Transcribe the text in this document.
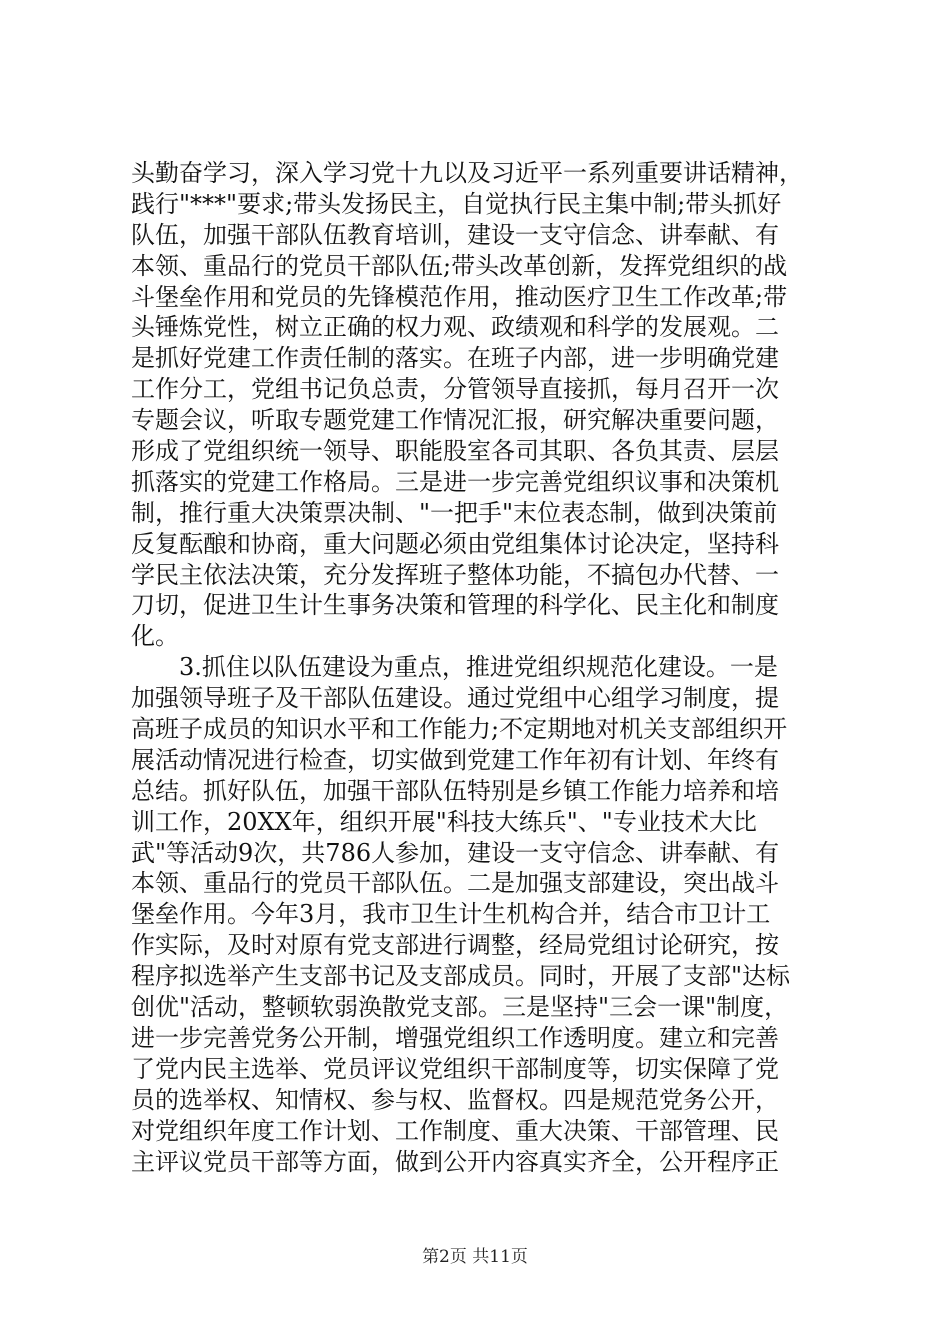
头勤奋学习，深入学习党十九以及习近平一系列重要讲话精神，
践行"***"要求;带头发扬民主，自觉执行民主集中制;带头抓好
队伍，加强干部队伍教育培训，建设一支守信念、讲奉献、有
本领、重品行的党员干部队伍;带头改革创新，发挥党组织的战
斗堡垒作用和党员的先锋模范作用，推动医疗卫生工作改革;带
头锤炼党性，树立正确的权力观、政绩观和科学的发展观。二
是抓好党建工作责任制的落实。在班子内部，进一步明确党建
工作分工，党组书记负总责，分管领导直接抓，每月召开一次
专题会议，听取专题党建工作情况汇报，研究解决重要问题，
形成了党组织统一领导、职能股室各司其职、各负其责、层层
抓落实的党建工作格局。三是进一步完善党组织议事和决策机
制，推行重大决策票决制、"一把手"末位表态制，做到决策前
反复酝酿和协商，重大问题必须由党组集体讨论决定，坚持科
学民主依法决策，充分发挥班子整体功能，不搞包办代替、一
刀切，促进卫生计生事务决策和管理的科学化、民主化和制度
化。
　　3.抓住以队伍建设为重点，推进党组织规范化建设。一是
加强领导班子及干部队伍建设。通过党组中心组学习制度，提
高班子成员的知识水平和工作能力;不定期地对机关支部组织开
展活动情况进行检查，切实做到党建工作年初有计划、年终有
总结。抓好队伍，加强干部队伍特别是乡镇工作能力培养和培
训工作，20XX年，组织开展"科技大练兵"、"专业技术大比
武"等活动9次，共786人参加，建设一支守信念、讲奉献、有
本领、重品行的党员干部队伍。二是加强支部建设，突出战斗
堡垒作用。今年3月，我市卫生计生机构合并，结合市卫计工
作实际，及时对原有党支部进行调整，经局党组讨论研究，按
程序拟选举产生支部书记及支部成员。同时，开展了支部"达标
创优"活动，整顿软弱涣散党支部。三是坚持"三会一课"制度，
进一步完善党务公开制，增强党组织工作透明度。建立和完善
了党内民主选举、党员评议党组织干部制度等，切实保障了党
员的选举权、知情权、参与权、监督权。四是规范党务公开，
对党组织年度工作计划、工作制度、重大决策、干部管理、民
主评议党员干部等方面，做到公开内容真实齐全，公开程序正
第2页 共11页
